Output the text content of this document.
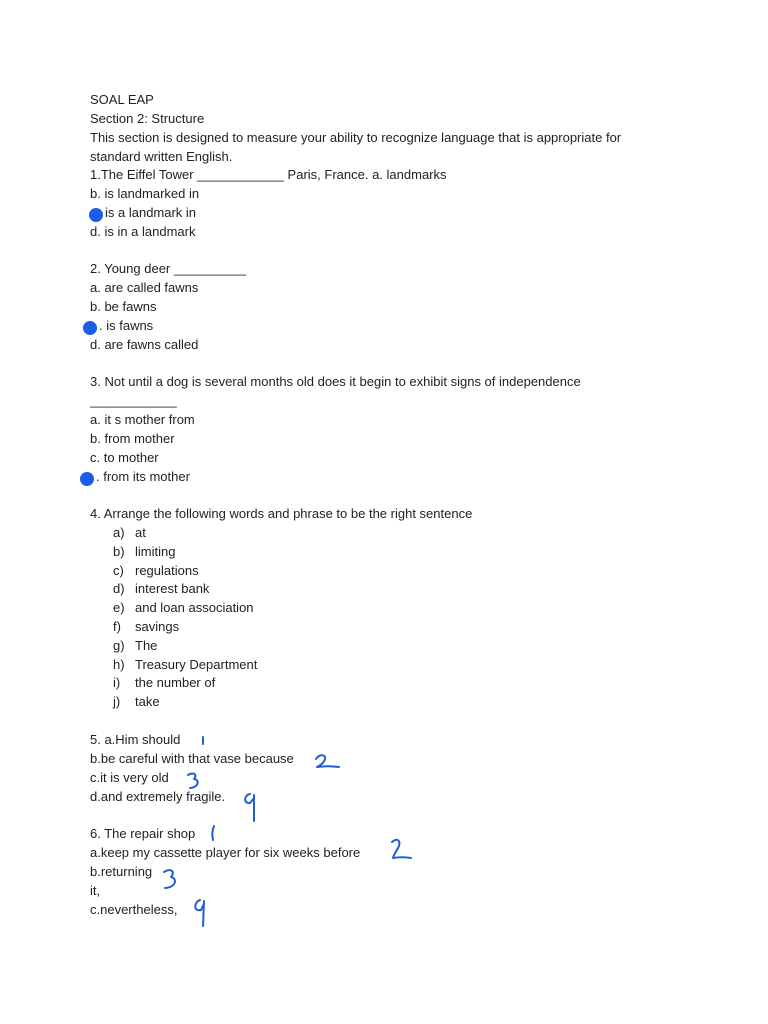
SOAL EAP
Section 2: Structure
This section is designed to measure your ability to recognize language that is appropriate for
standard written English.
1.The Eiffel Tower ____________ Paris, France. a. landmarks
b. is landmarked in
is a landmark in
d. is in a landmark
2. Young deer __________
a. are called fawns
b. be fawns
. is fawns
d. are fawns called
3. Not until a dog is several months old does it begin to exhibit signs of independence
____________
a. it s mother from
b. from mother
c. to mother
. from its mother
4. Arrange the following words and phrase to be the right sentence
a) at
b) limiting
c) regulations
d) interest bank
e) and loan association
f) savings
g) The
h) Treasury Department
i) the number of
j) take
5. a.Him should
b.be careful with that vase because
c.it is very old
d.and extremely fragile.
6. The repair shop
a.keep my cassette player for six weeks before
b.returning
it,
c.nevertheless,
